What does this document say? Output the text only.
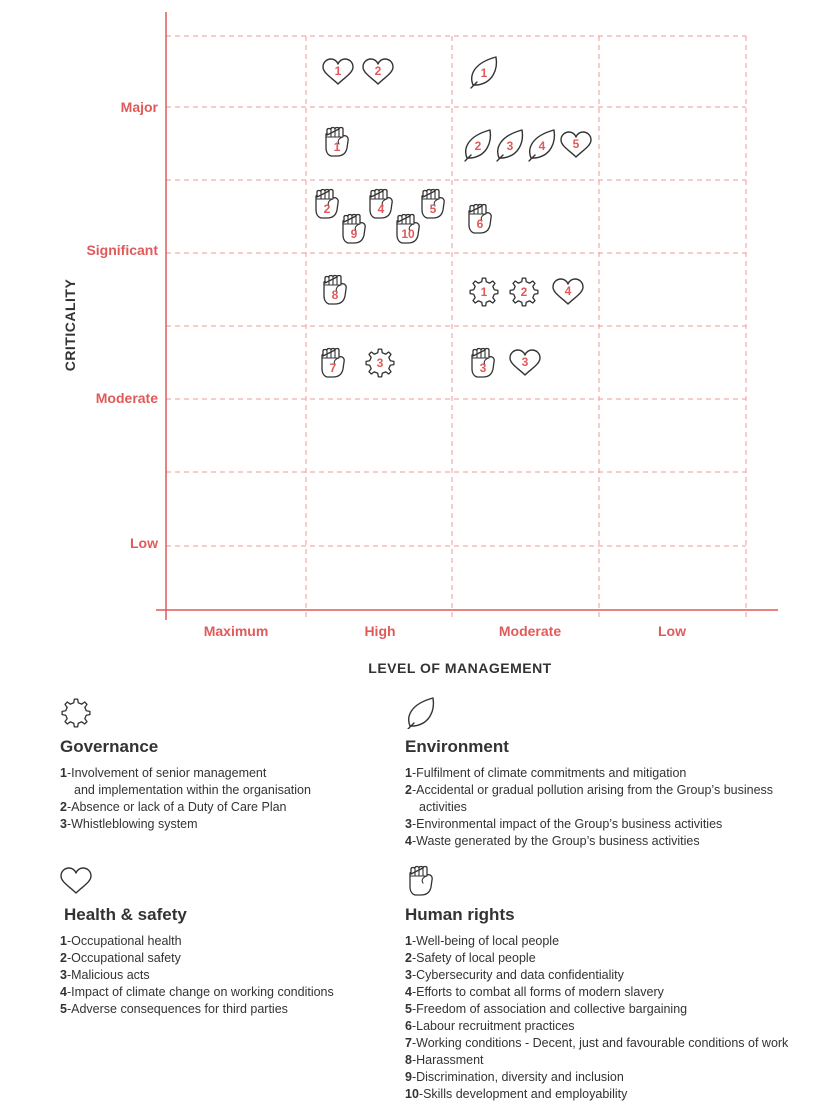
Low
Moderate
Significant
Major
Maximum	High	Moderate	Low
CRITICALITY
LEVEL OF MANAGEMENT
1	2	1
1	2 3 4 5
2	4	5
9	10
6
8	1	2	4
7	3	3	3
Governance
1-Involvement of senior management
and implementation within the organisation
2-Absence or lack of a Duty of Care Plan
3-Whistleblowing system
Environment
1-Fulfilment of climate commitments and mitigation
2-Accidental or gradual pollution arising from the Group’s business
activities
3-Environmental impact of the Group’s business activities
4-Waste generated by the Group’s business activities
Health & safety
1-Occupational health
2-Occupational safety
3-Malicious acts
4-Impact of climate change on working conditions
5-Adverse consequences for third parties
Human rights
1-Well-being of local people
2-Safety of local people
3-Cybersecurity and data confidentiality
4-Efforts to combat all forms of modern slavery
5-Freedom of association and collective bargaining
6-Labour recruitment practices
7-Working conditions - Decent, just and favourable conditions of work
8-Harassment
9-Discrimination, diversity and inclusion
10-Skills development and employability
